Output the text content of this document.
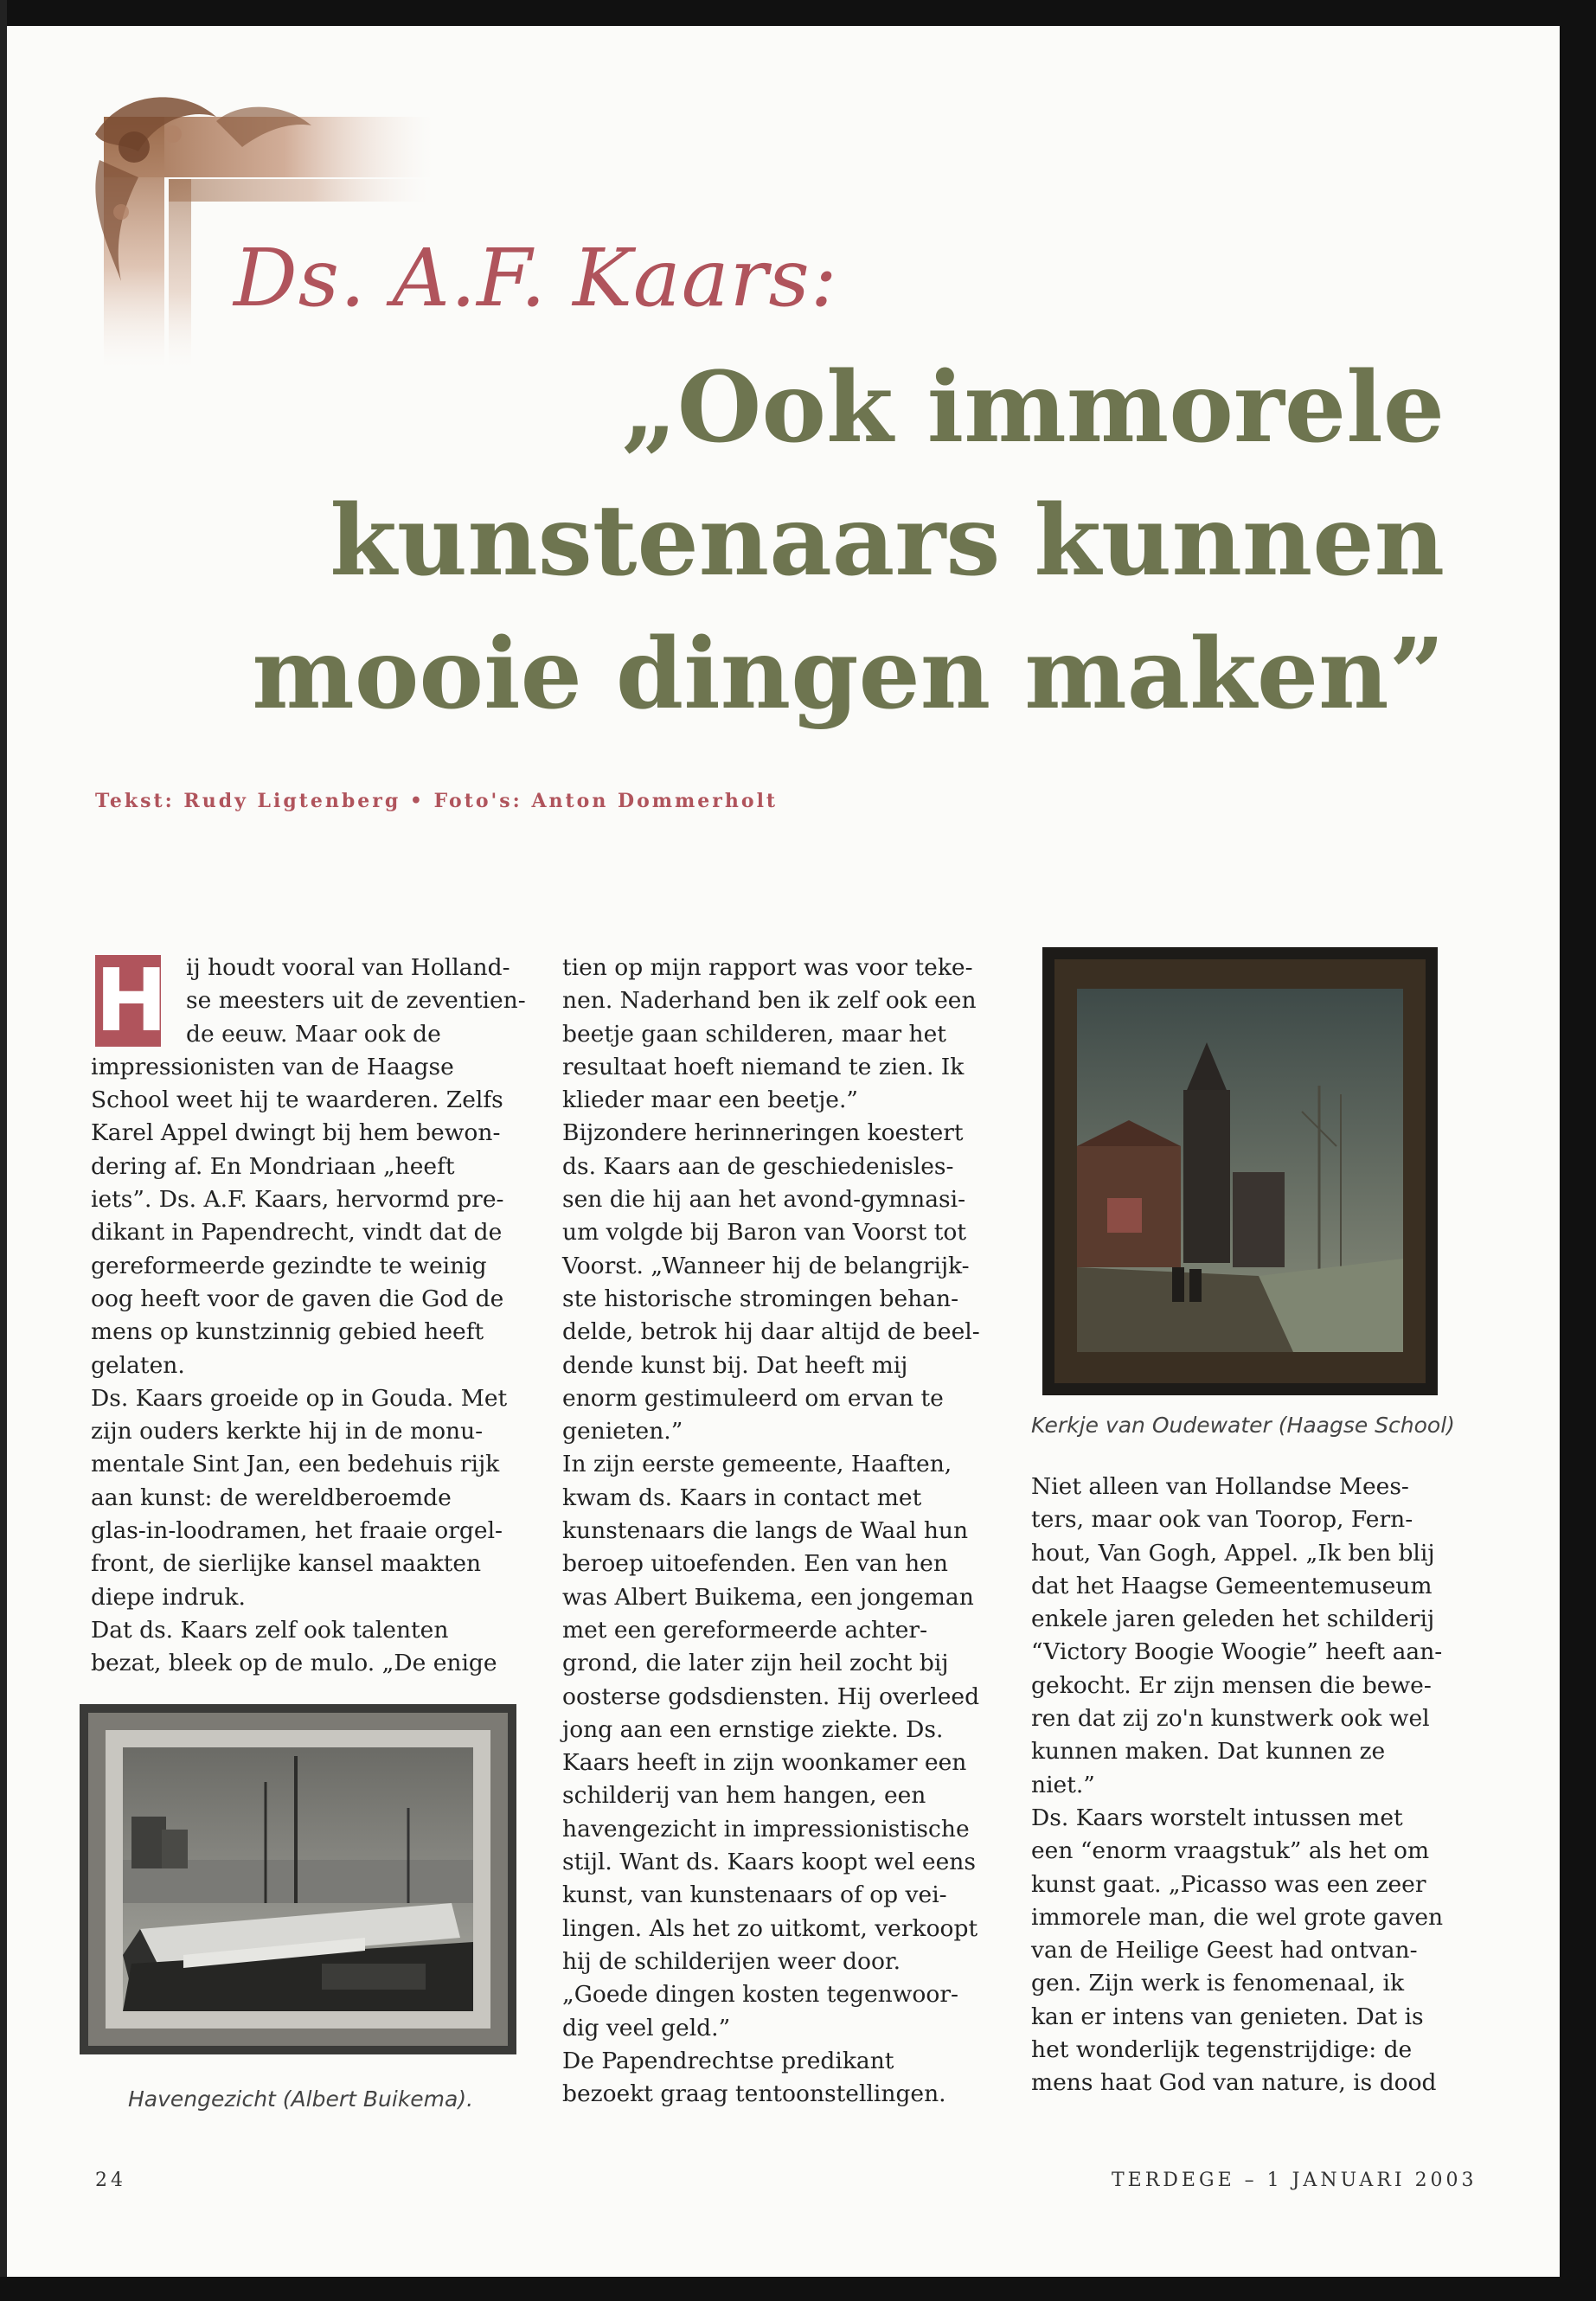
Ds. A.F. Kaars:
„Ook immorele
kunstenaars kunnen
mooie dingen maken”
Tekst: Rudy Ligtenberg • Foto's: Anton Dommerholt
H ij houdt vooral van Holland-

se meesters uit de zeventien-

de eeuw. Maar ook de

impressionisten van de Haagse

School weet hij te waarderen. Zelfs

Karel Appel dwingt bij hem bewon-

dering af. En Mondriaan „heeft

iets”. Ds. A.F. Kaars, hervormd pre-

dikant in Papendrecht, vindt dat de

gereformeerde gezindte te weinig

oog heeft voor de gaven die God de

mens op kunstzinnig gebied heeft

gelaten.

Ds. Kaars groeide op in Gouda. Met

zijn ouders kerkte hij in de monu-

mentale Sint Jan, een bedehuis rijk

aan kunst: de wereldberoemde

glas-in-loodramen, het fraaie orgel-

front, de sierlijke kansel maakten

diepe indruk.

Dat ds. Kaars zelf ook talenten

bezat, bleek op de mulo. „De enige

tien op mijn rapport was voor teke-

nen. Naderhand ben ik zelf ook een

beetje gaan schilderen, maar het

resultaat hoeft niemand te zien. Ik

klieder maar een beetje.”

Bijzondere herinneringen koestert

ds. Kaars aan de geschiedenisles-

sen die hij aan het avond-gymnasi-

um volgde bij Baron van Voorst tot

Voorst. „Wanneer hij de belangrijk-

ste historische stromingen behan-

delde, betrok hij daar altijd de beel-

dende kunst bij. Dat heeft mij

enorm gestimuleerd om ervan te

genieten.”

In zijn eerste gemeente, Haaften,

kwam ds. Kaars in contact met

kunstenaars die langs de Waal hun

beroep uitoefenden. Een van hen

was Albert Buikema, een jongeman

met een gereformeerde achter-

grond, die later zijn heil zocht bij

oosterse godsdiensten. Hij overleed

jong aan een ernstige ziekte. Ds.

Kaars heeft in zijn woonkamer een

schilderij van hem hangen, een

havengezicht in impressionistische

stijl. Want ds. Kaars koopt wel eens

kunst, van kunstenaars of op vei-

lingen. Als het zo uitkomt, verkoopt

hij de schilderijen weer door.

„Goede dingen kosten tegenwoor-

dig veel geld.”

De Papendrechtse predikant

bezoekt graag tentoonstellingen.

Niet alleen van Hollandse Mees-

ters, maar ook van Toorop, Fern-

hout, Van Gogh, Appel. „Ik ben blij

dat het Haagse Gemeentemuseum

enkele jaren geleden het schilderij

“Victory Boogie Woogie” heeft aan-

gekocht. Er zijn mensen die bewe-

ren dat zij zo'n kunstwerk ook wel

kunnen maken. Dat kunnen ze

niet.”

Ds. Kaars worstelt intussen met

een “enorm vraagstuk” als het om

kunst gaat. „Picasso was een zeer

immorele man, die wel grote gaven

van de Heilige Geest had ontvan-

gen. Zijn werk is fenomenaal, ik

kan er intens van genieten. Dat is

het wonderlijk tegenstrijdige: de

mens haat God van nature, is dood

Havengezicht (Albert Buikema).
Kerkje van Oudewater (Haagse School)
24	TERDEGE – 1 JANUARI 2003
